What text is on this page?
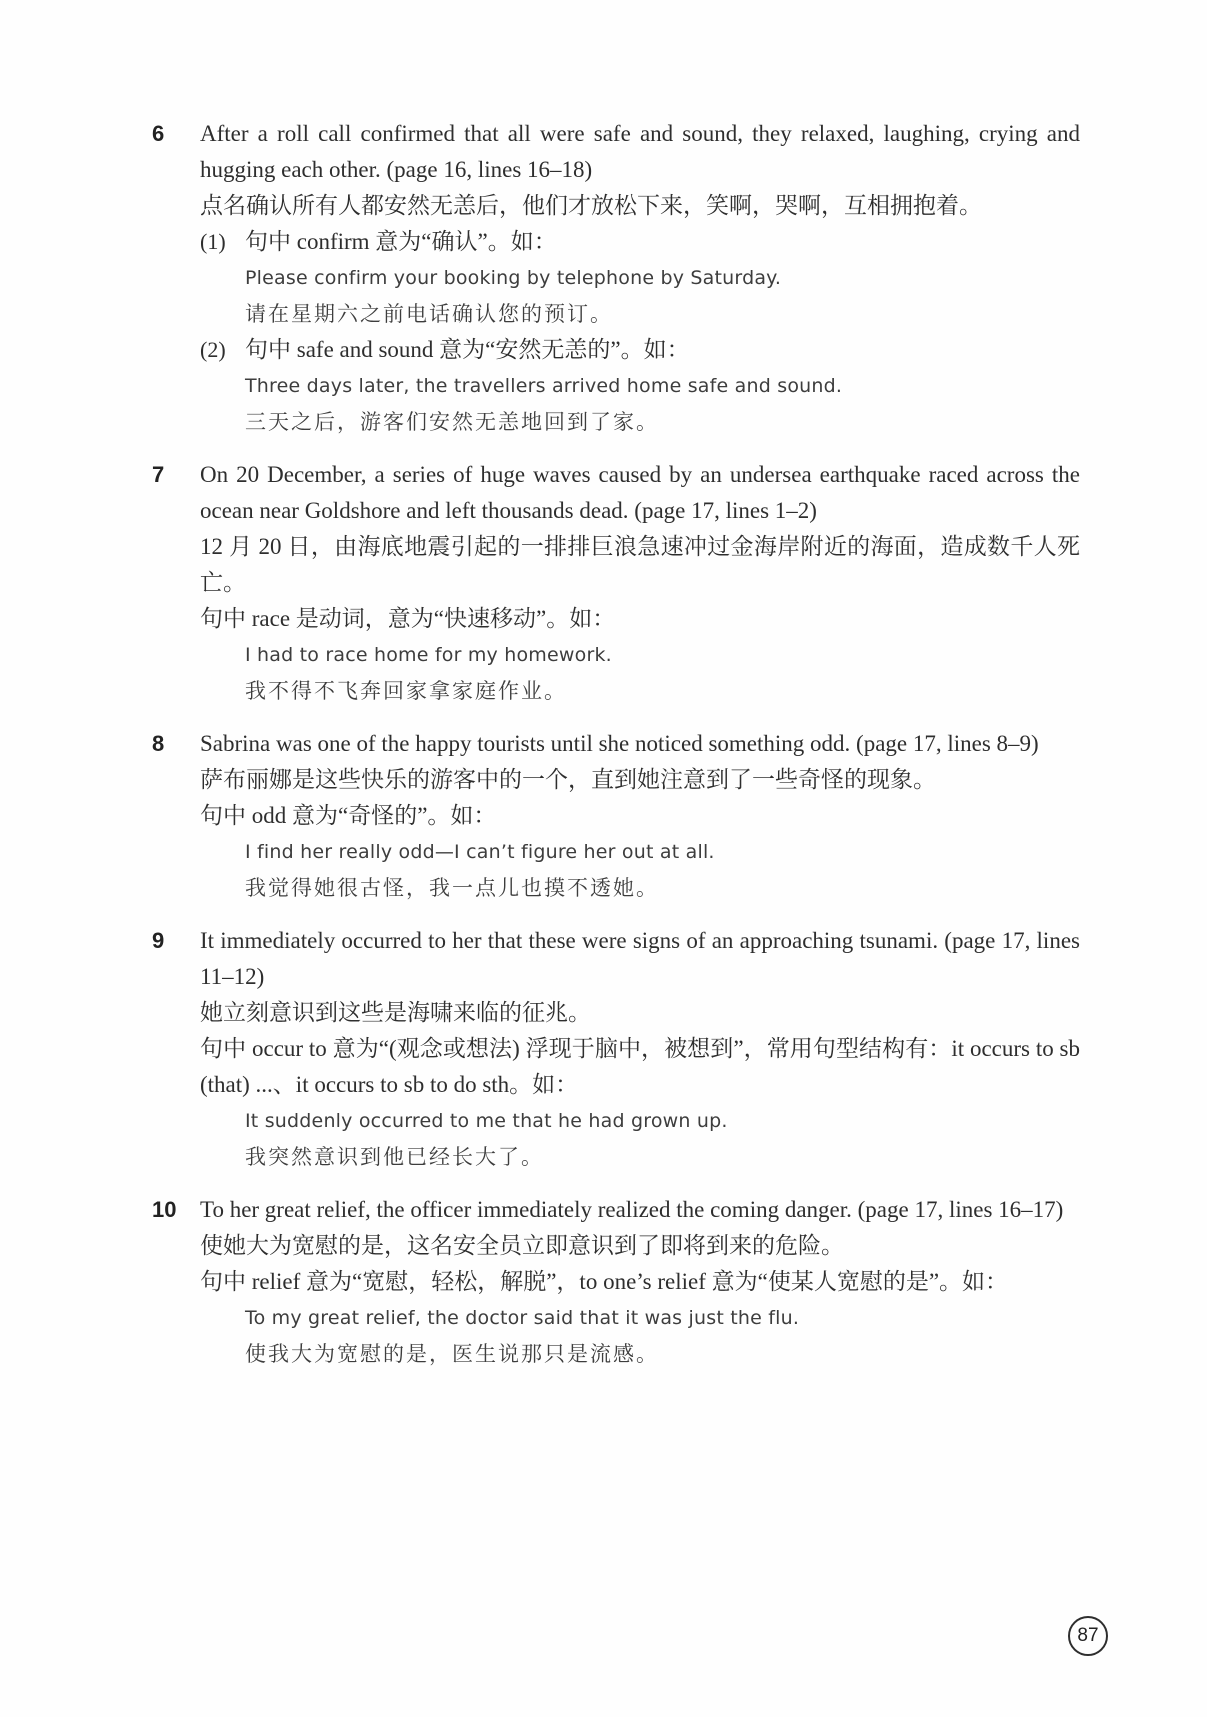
6	After a roll call confirmed that all were safe and sound, they relaxed, laughing, crying and hugging each other. (page 16, lines 16–18)

点名确认所有人都安然无恙后，他们才放松下来，笑啊，哭啊，互相拥抱着。

(1) 句中 confirm 意为“确认”。如：

Please confirm your booking by telephone by Saturday.

请在星期六之前电话确认您的预订。

(2) 句中 safe and sound 意为“安然无恙的”。如：

Three days later, the travellers arrived home safe and sound.

三天之后，游客们安然无恙地回到了家。

7	On 20 December, a series of huge waves caused by an undersea earthquake raced across the ocean near Goldshore and left thousands dead. (page 17, lines 1–2)

12 月 20 日，由海底地震引起的一排排巨浪急速冲过金海岸附近的海面，造成数千人死亡。

句中 race 是动词，意为“快速移动”。如：

I had to race home for my homework.

我不得不飞奔回家拿家庭作业。

8	Sabrina was one of the happy tourists until she noticed something odd. (page 17, lines 8–9)

萨布丽娜是这些快乐的游客中的一个，直到她注意到了一些奇怪的现象。

句中 odd 意为“奇怪的”。如：

I find her really odd—I can’t figure her out at all.

我觉得她很古怪，我一点儿也摸不透她。

9	It immediately occurred to her that these were signs of an approaching tsunami. (page 17, lines 11–12)

她立刻意识到这些是海啸来临的征兆。

句中 occur to 意为“(观念或想法) 浮现于脑中，被想到”，常用句型结构有：it occurs to sb (that) ...、it occurs to sb to do sth。如：

It suddenly occurred to me that he had grown up.

我突然意识到他已经长大了。

10	To her great relief, the officer immediately realized the coming danger. (page 17, lines 16–17)

使她大为宽慰的是，这名安全员立即意识到了即将到来的危险。

句中 relief 意为“宽慰，轻松，解脱”，to one’s relief 意为“使某人宽慰的是”。如：

To my great relief, the doctor said that it was just the flu.

使我大为宽慰的是，医生说那只是流感。

87
